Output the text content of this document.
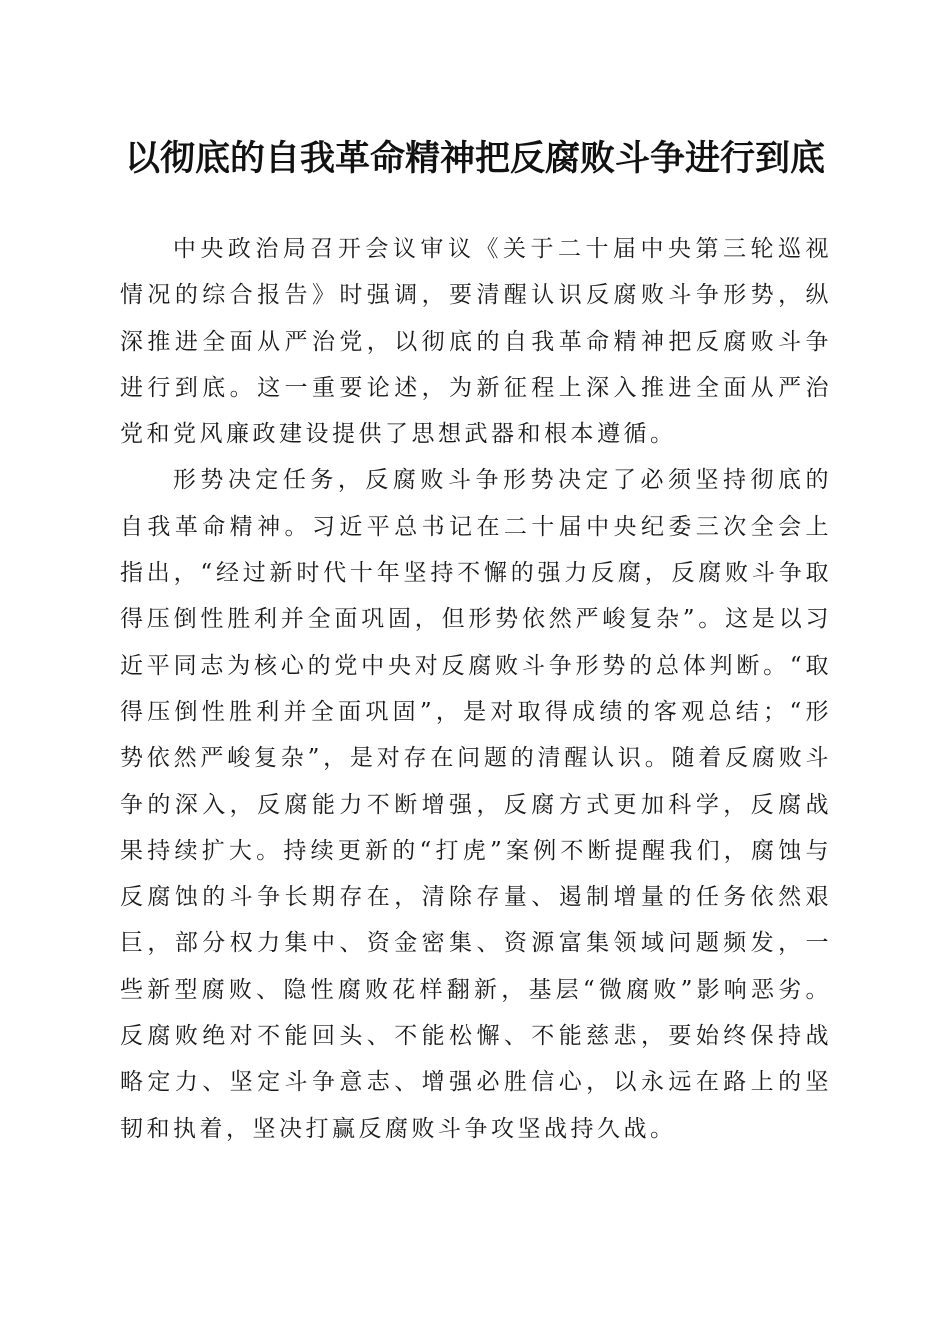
以彻底的自我革命精神把反腐败斗争进行到底

中央政治局召开会议审议《关于二十届中央第三轮巡视情况的综合报告》时强调，要清醒认识反腐败斗争形势，纵深推进全面从严治党，以彻底的自我革命精神把反腐败斗争进行到底。这一重要论述，为新征程上深入推进全面从严治党和党风廉政建设提供了思想武器和根本遵循。

形势决定任务，反腐败斗争形势决定了必须坚持彻底的自我革命精神。习近平总书记在二十届中央纪委三次全会上指出，“经过新时代十年坚持不懈的强力反腐，反腐败斗争取得压倒性胜利并全面巩固，但形势依然严峻复杂”。这是以习近平同志为核心的党中央对反腐败斗争形势的总体判断。“取得压倒性胜利并全面巩固”，是对取得成绩的客观总结；“形势依然严峻复杂”，是对存在问题的清醒认识。随着反腐败斗争的深入，反腐能力不断增强，反腐方式更加科学，反腐战果持续扩大。持续更新的“打虎”案例不断提醒我们，腐蚀与反腐蚀的斗争长期存在，清除存量、遏制增量的任务依然艰巨，部分权力集中、资金密集、资源富集领域问题频发，一些新型腐败、隐性腐败花样翻新，基层“微腐败”影响恶劣。反腐败绝对不能回头、不能松懈、不能慈悲，要始终保持战略定力、坚定斗争意志、增强必胜信心，以永远在路上的坚韧和执着，坚决打赢反腐败斗争攻坚战持久战。
